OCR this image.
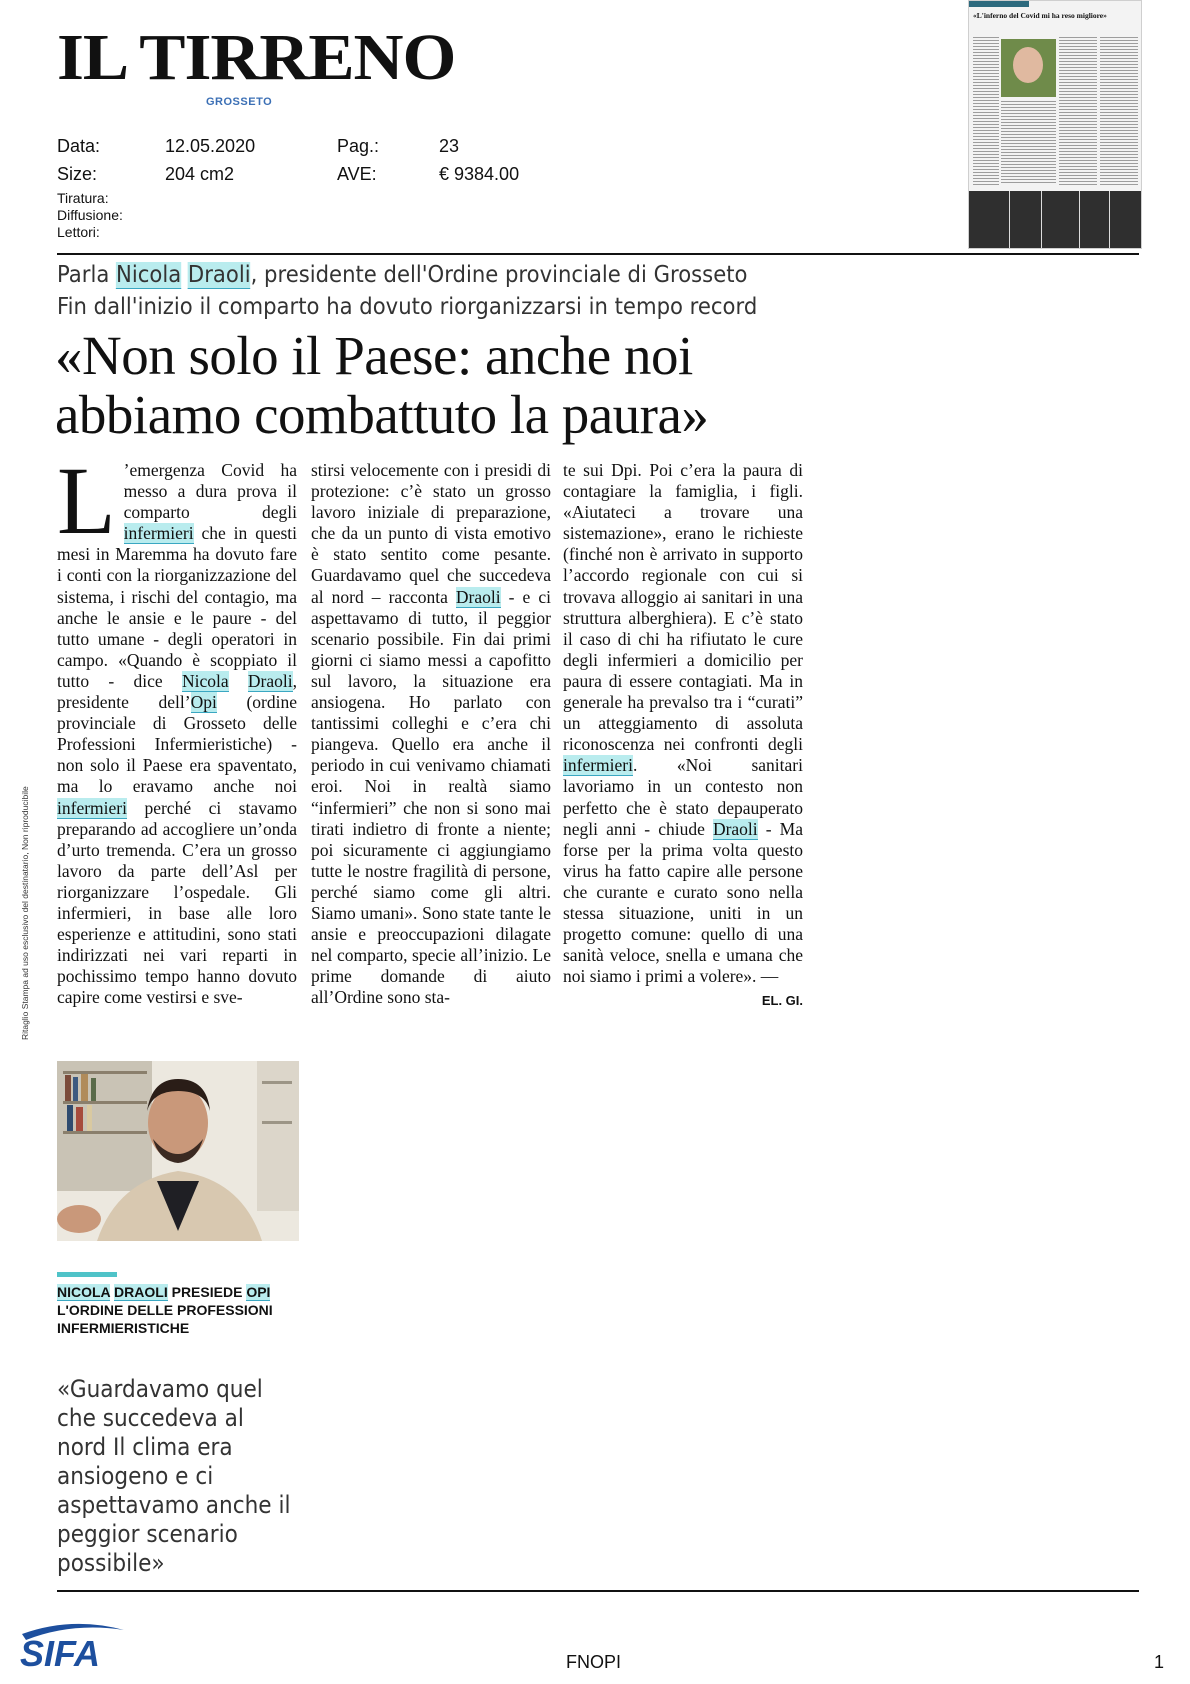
IL TIRRENO
GROSSETO
Data:	12.05.2020	Pag.:	23
Size:	204 cm2	AVE:	€ 9384.00
Tiratura:
Diffusione:
Lettori:
«L'inferno del Covid mi ha reso migliore»
Ritaglio Stampa ad uso esclusivo del destinatario, Non riproducibile
Parla Nicola Draoli, presidente dell'Ordine provinciale di Grosseto
Fin dall'inizio il comparto ha dovuto riorganizzarsi in tempo record
«Non solo il Paese: anche noi
abbiamo combattuto la paura»
L ’emergenza Covid ha messo a dura prova il comparto degli infermieri che in questi mesi in Maremma ha dovuto fare i conti con la riorganizzazione del sistema, i rischi del contagio, ma anche le ansie e le paure - del tutto umane - degli operatori in campo. «Quando è scoppiato il tutto - dice Nicola Draoli, presidente dell’Opi (ordine provinciale di Grosseto delle Professioni Infermieristiche) - non solo il Paese era spaventato, ma lo eravamo anche noi infermieri perché ci stavamo preparando ad accogliere un’onda d’urto tremenda. C’era un grosso lavoro da parte dell’Asl per riorganizzare l’ospedale. Gli infermieri, in base alle loro esperienze e attitudini, sono stati indirizzati nei vari reparti in pochissimo tempo hanno dovuto capire come vestirsi e sve-
stirsi velocemente con i presidi di protezione: c’è stato un grosso lavoro iniziale di preparazione, che da un punto di vista emotivo è stato sentito come pesante. Guardavamo quel che succedeva al nord – racconta Draoli - e ci aspettavamo di tutto, il peggior scenario possibile. Fin dai primi giorni ci siamo messi a capofitto sul lavoro, la situazione era ansiogena. Ho parlato con tantissimi colleghi e c’era chi piangeva. Quello era anche il periodo in cui venivamo chiamati eroi. Noi in realtà siamo “infermieri” che non si sono mai tirati indietro di fronte a niente; poi sicuramente ci aggiungiamo tutte le nostre fragilità di persone, perché siamo come gli altri. Siamo umani». Sono state tante le ansie e preoccupazioni dilagate nel comparto, specie all’inizio. Le prime domande di aiuto all’Ordine sono sta-
te sui Dpi. Poi c’era la paura di contagiare la famiglia, i figli. «Aiutateci a trovare una sistemazione», erano le richieste (finché non è arrivato in supporto l’accordo regionale con cui si trovava alloggio ai sanitari in una struttura alberghiera). E c’è stato il caso di chi ha rifiutato le cure degli infermieri a domicilio per paura di essere contagiati. Ma in generale ha prevalso tra i “curati” un atteggiamento di assoluta riconoscenza nei confronti degli infermieri. «Noi sanitari lavoriamo in un contesto non perfetto che è stato depauperato negli anni - chiude Draoli - Ma forse per la prima volta questo virus ha fatto capire alle persone che curante e curato sono nella stessa situazione, uniti in un progetto comune: quello di una sanità veloce, snella e umana che noi siamo i primi a volere». —
EL. GI.
NICOLA DRAOLI PRESIEDE OPI
L'ORDINE DELLE PROFESSIONI
INFERMIERISTICHE
«Guardavamo quel che succedeva al nord Il clima era ansiogeno e ci aspettavamo anche il peggior scenario possibile»
SIFA	FNOPI	1
